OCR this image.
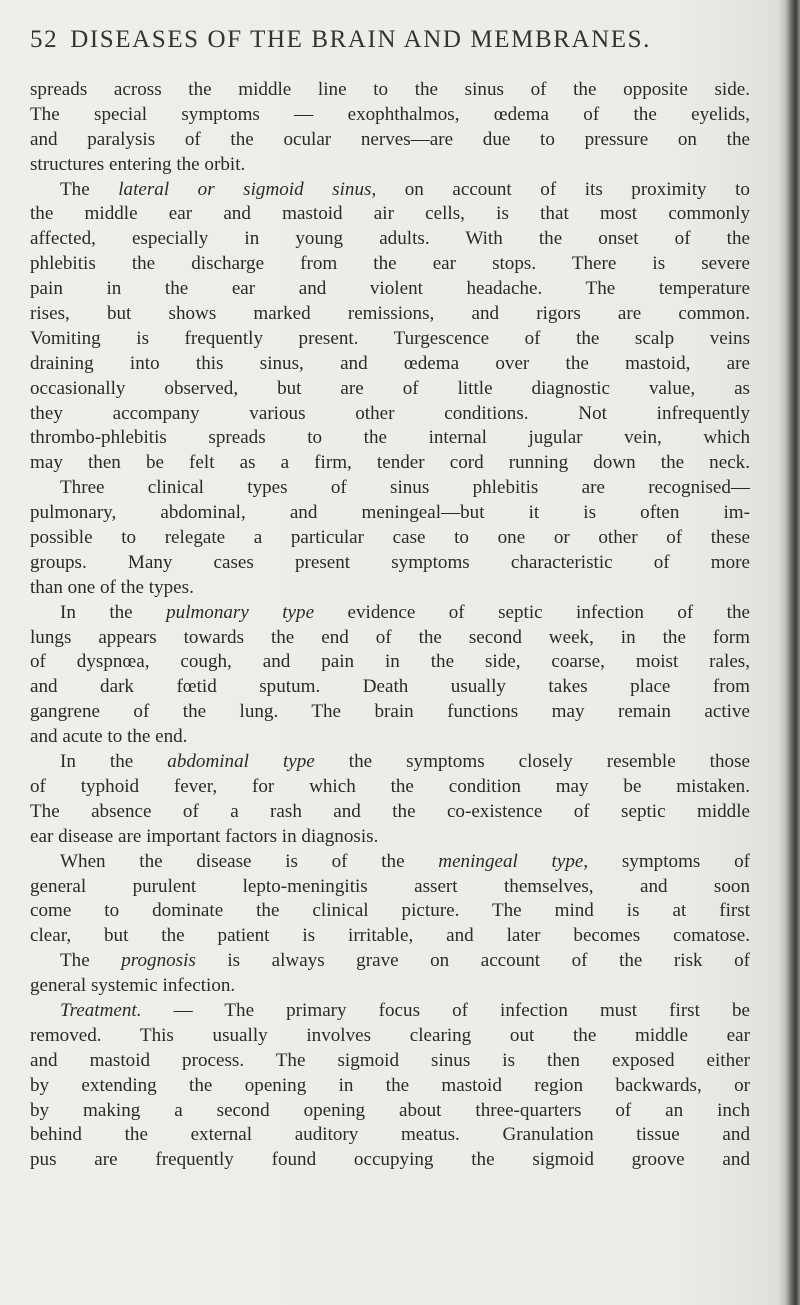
52 DISEASES OF THE BRAIN AND MEMBRANES.
spreads across the middle line to the sinus of the opposite side.
The special symptoms — exophthalmos, œdema of the eyelids,
and paralysis of the ocular nerves—are due to pressure on the
structures entering the orbit.
The lateral or sigmoid sinus, on account of its proximity to
the middle ear and mastoid air cells, is that most commonly
affected, especially in young adults. With the onset of the
phlebitis the discharge from the ear stops. There is severe
pain in the ear and violent headache. The temperature
rises, but shows marked remissions, and rigors are common.
Vomiting is frequently present. Turgescence of the scalp veins
draining into this sinus, and œdema over the mastoid, are
occasionally observed, but are of little diagnostic value, as
they accompany various other conditions. Not infrequently
thrombo-phlebitis spreads to the internal jugular vein, which
may then be felt as a firm, tender cord running down the neck.
Three clinical types of sinus phlebitis are recognised—
pulmonary, abdominal, and meningeal—but it is often im-
possible to relegate a particular case to one or other of these
groups. Many cases present symptoms characteristic of more
than one of the types.
In the pulmonary type evidence of septic infection of the
lungs appears towards the end of the second week, in the form
of dyspnœa, cough, and pain in the side, coarse, moist rales,
and dark fœtid sputum. Death usually takes place from
gangrene of the lung. The brain functions may remain active
and acute to the end.
In the abdominal type the symptoms closely resemble those
of typhoid fever, for which the condition may be mistaken.
The absence of a rash and the co-existence of septic middle
ear disease are important factors in diagnosis.
When the disease is of the meningeal type, symptoms of
general purulent lepto-meningitis assert themselves, and soon
come to dominate the clinical picture. The mind is at first
clear, but the patient is irritable, and later becomes comatose.
The prognosis is always grave on account of the risk of
general systemic infection.
Treatment. — The primary focus of infection must first be
removed. This usually involves clearing out the middle ear
and mastoid process. The sigmoid sinus is then exposed either
by extending the opening in the mastoid region backwards, or
by making a second opening about three-quarters of an inch
behind the external auditory meatus. Granulation tissue and
pus are frequently found occupying the sigmoid groove and
